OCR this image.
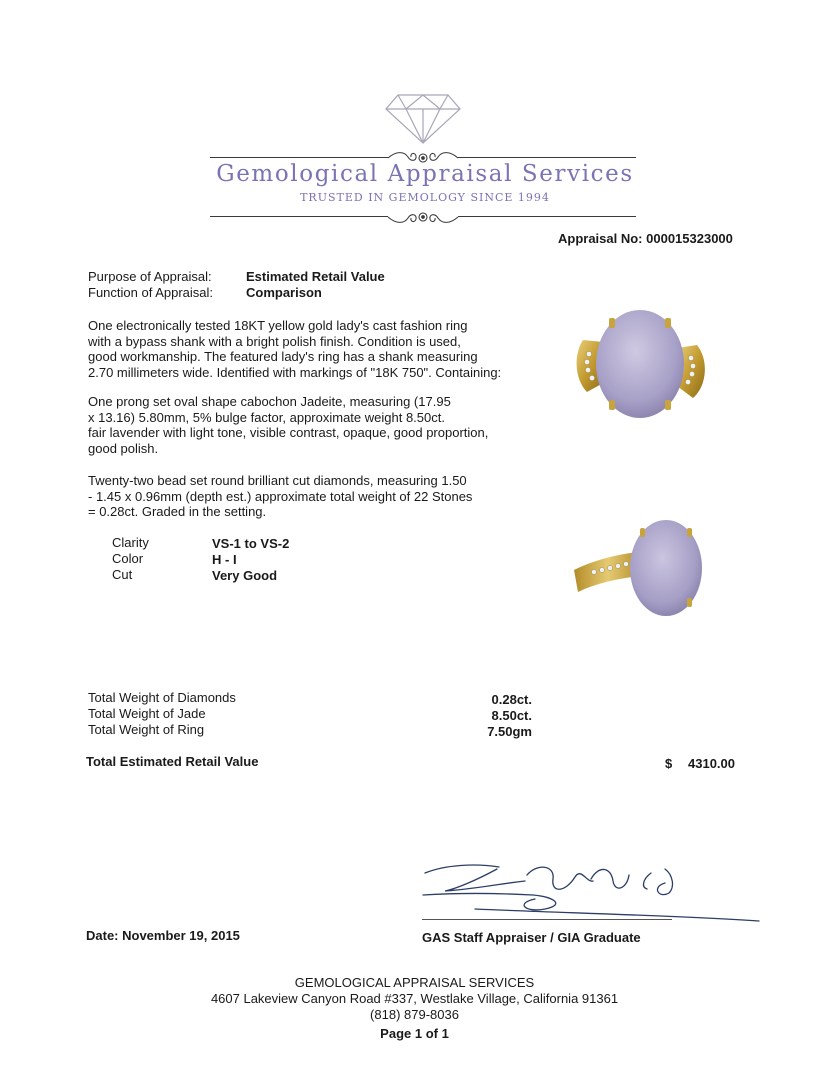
Gemological Appraisal Services
TRUSTED IN GEMOLOGY SINCE 1994
Appraisal No: 000015323000
Purpose of Appraisal:	Estimated Retail Value
Function of Appraisal:	Comparison
One electronically tested 18KT yellow gold lady's cast fashion ring
with a bypass shank with a bright polish finish. Condition is used,
good workmanship. The featured lady's ring has a shank measuring
2.70 millimeters wide. Identified with markings of "18K 750". Containing:
One prong set oval shape cabochon Jadeite, measuring (17.95
x 13.16) 5.80mm, 5% bulge factor, approximate weight 8.50ct.
fair lavender with light tone, visible contrast, opaque, good proportion,
good polish.
Twenty-two bead set round brilliant cut diamonds, measuring 1.50
- 1.45 x 0.96mm (depth est.) approximate total weight of 22 Stones
= 0.28ct. Graded in the setting.
Clarity	VS-1 to VS-2
Color	H - I
Cut	Very Good
Total Weight of Diamonds	0.28ct.
Total Weight of Jade	8.50ct.
Total Weight of Ring	7.50gm
Total Estimated Retail Value	$ 4310.00
Date: November 19, 2015	GAS Staff Appraiser / GIA Graduate
GEMOLOGICAL APPRAISAL SERVICES
4607 Lakeview Canyon Road #337, Westlake Village, California 91361
(818) 879-8036
Page 1 of 1
